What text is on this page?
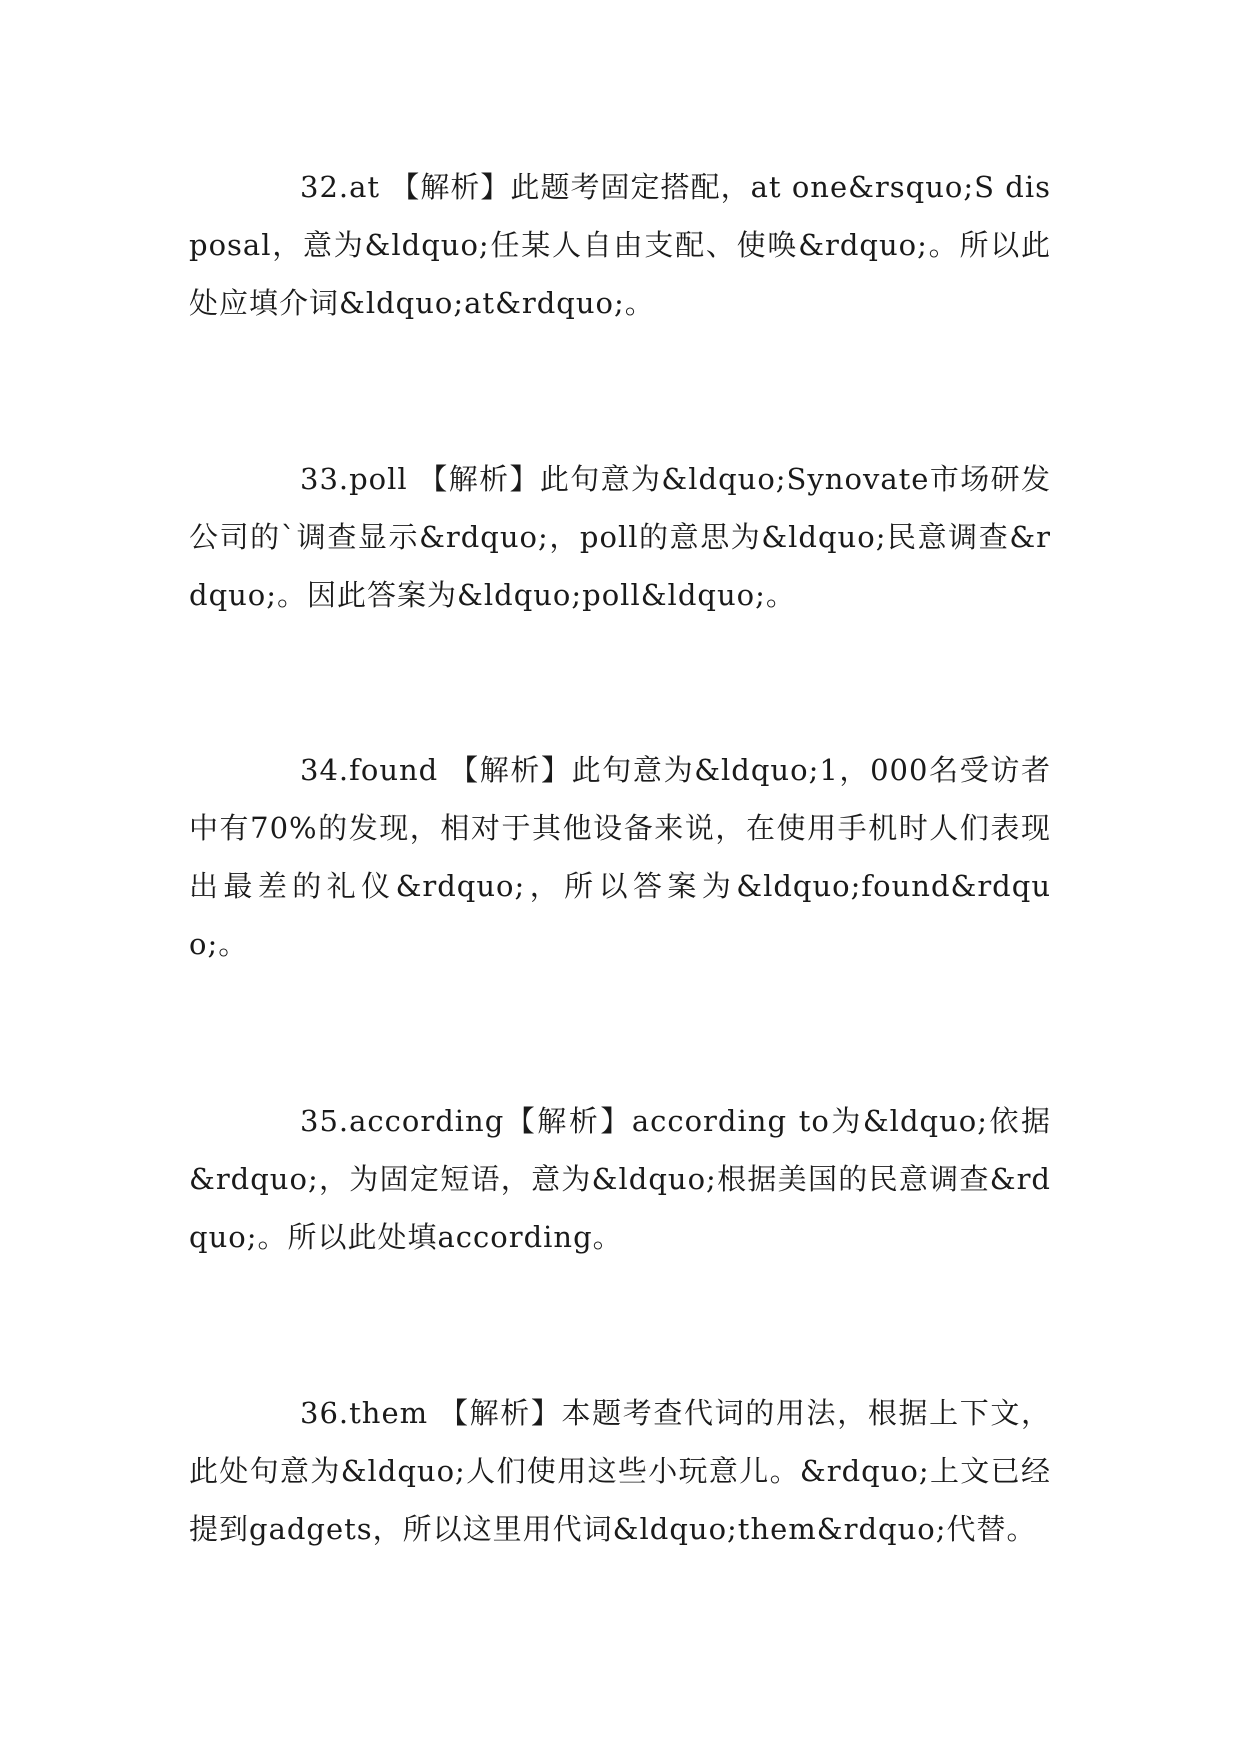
32.at 【解析】此题考固定搭配，at one&rsquo;S disposal，意为&ldquo;任某人自由支配、使唤&rdquo;。所以此处应填介词&ldquo;at&rdquo;。

33.poll 【解析】此句意为&ldquo;Synovate市场研发公司的`调查显示&rdquo;，poll的意思为&ldquo;民意调查&rdquo;。因此答案为&ldquo;poll&ldquo;。

34.found 【解析】此句意为&ldquo;1，000名受访者中有70%的发现，相对于其他设备来说，在使用手机时人们表现出最差的礼仪&rdquo;，所以答案为&ldquo;found&rdquo;。

35.according【解析】according to为&ldquo;依据&rdquo;，为固定短语，意为&ldquo;根据美国的民意调查&rdquo;。所以此处填according。

36.them 【解析】本题考查代词的用法，根据上下文，此处句意为&ldquo;人们使用这些小玩意儿。&rdquo;上文已经提到gadgets，所以这里用代词&ldquo;them&rdquo;代替。
